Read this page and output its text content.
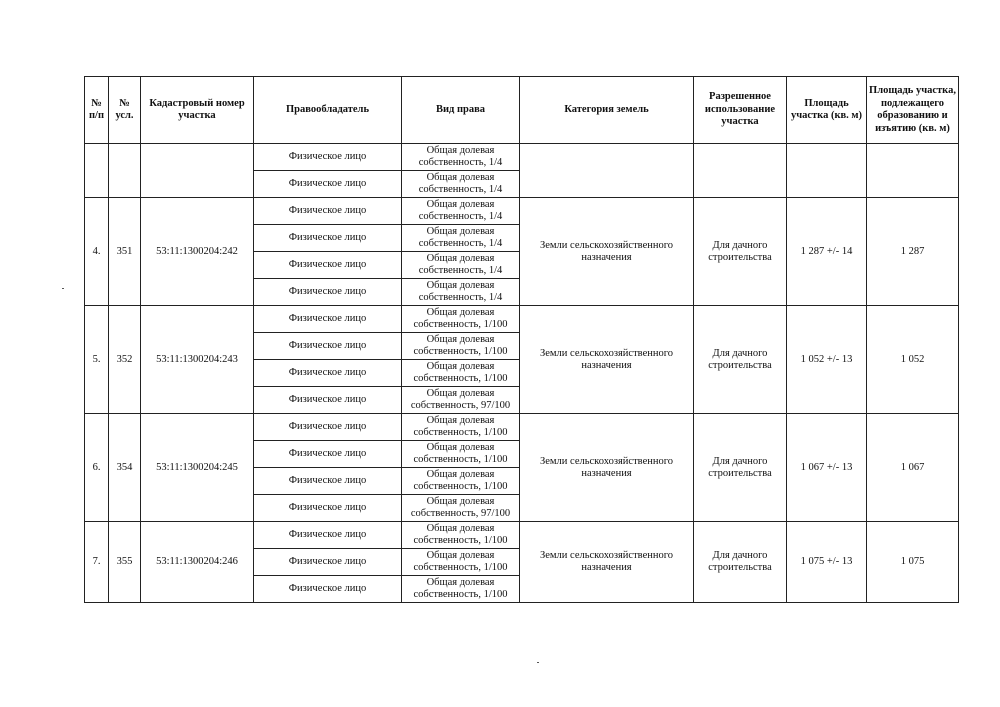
№ п/п	№ усл.	Кадастровый номер участка	Правообладатель	Вид права	Категория земель	Разрешенное использование участка	Площадь участка (кв. м)	Площадь участка, подлежащего образованию и изъятию (кв. м)
			Физическое лицо	Общая долевая
собственность, 1/4				

			Физическое лицо	Общая долевая
собственность, 1/4				

4.	351	53:11:1300204:242	Физическое лицо	Общая долевая
собственность, 1/4	Земли сельскохозяйственного назначения	Для дачного строительства	1 287 +/- 14	1 287
			Физическое лицо	Общая долевая
собственность, 1/4				

			Физическое лицо	Общая долевая
собственность, 1/4				

			Физическое лицо	Общая долевая
собственность, 1/4				

5.	352	53:11:1300204:243	Физическое лицо	Общая долевая
собственность, 1/100	Земли сельскохозяйственного назначения	Для дачного строительства	1 052 +/- 13	1 052
			Физическое лицо	Общая долевая
собственность, 1/100				

			Физическое лицо	Общая долевая
собственность, 1/100				

			Физическое лицо	Общая долевая
собственность, 97/100				

6.	354	53:11:1300204:245	Физическое лицо	Общая долевая
собственность, 1/100	Земли сельскохозяйственного назначения	Для дачного строительства	1 067 +/- 13	1 067
			Физическое лицо	Общая долевая
собственность, 1/100				

			Физическое лицо	Общая долевая
собственность, 1/100				

			Физическое лицо	Общая долевая
собственность, 97/100				

7.	355	53:11:1300204:246	Физическое лицо	Общая долевая
собственность, 1/100	Земли сельскохозяйственного назначения	Для дачного строительства	1 075 +/- 13	1 075
			Физическое лицо	Общая долевая
собственность, 1/100				

			Физическое лицо	Общая долевая
собственность, 1/100				
